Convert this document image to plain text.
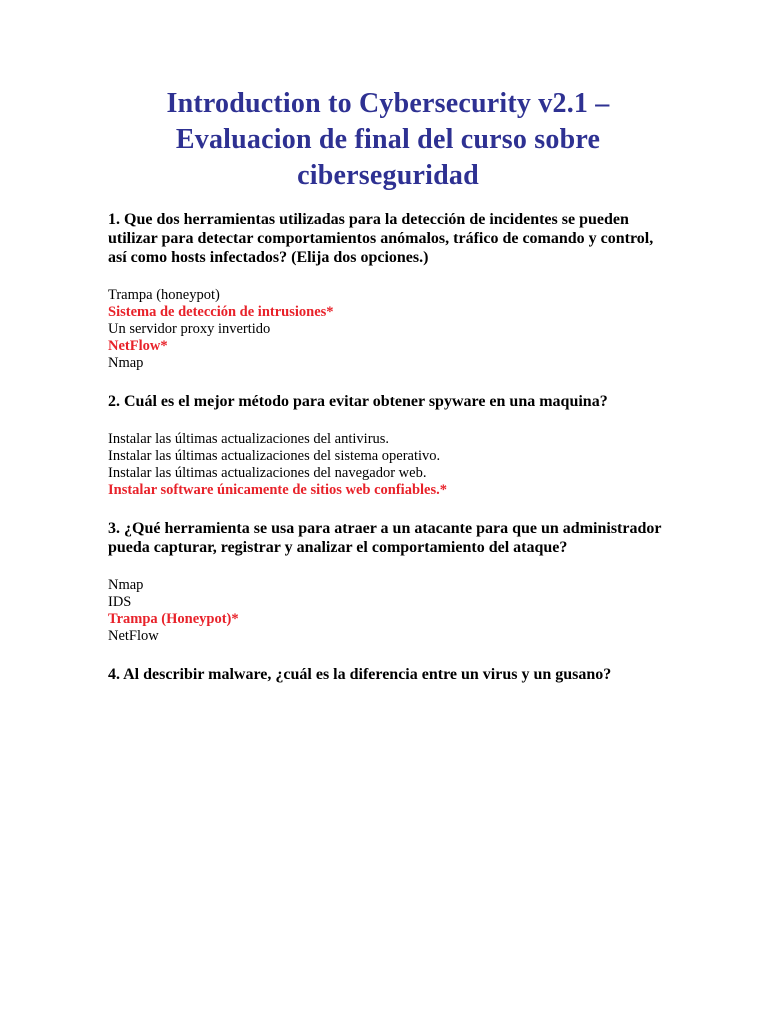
Introduction to Cybersecurity v2.1 –
Evaluacion de final del curso sobre
ciberseguridad

1. Que dos herramientas utilizadas para la detección de incidentes se pueden utilizar para detectar comportamientos anómalos, tráfico de comando y control, así como hosts infectados? (Elija dos opciones.)

Trampa (honeypot)
Sistema de detección de intrusiones*
Un servidor proxy invertido
NetFlow*
Nmap

2. Cuál es el mejor método para evitar obtener spyware en una maquina?

Instalar las últimas actualizaciones del antivirus.
Instalar las últimas actualizaciones del sistema operativo.
Instalar las últimas actualizaciones del navegador web.
Instalar software únicamente de sitios web confiables.*

3. ¿Qué herramienta se usa para atraer a un atacante para que un administrador pueda capturar, registrar y analizar el comportamiento del ataque?

Nmap
IDS
Trampa (Honeypot)*
NetFlow

4. Al describir malware, ¿cuál es la diferencia entre un virus y un gusano?
